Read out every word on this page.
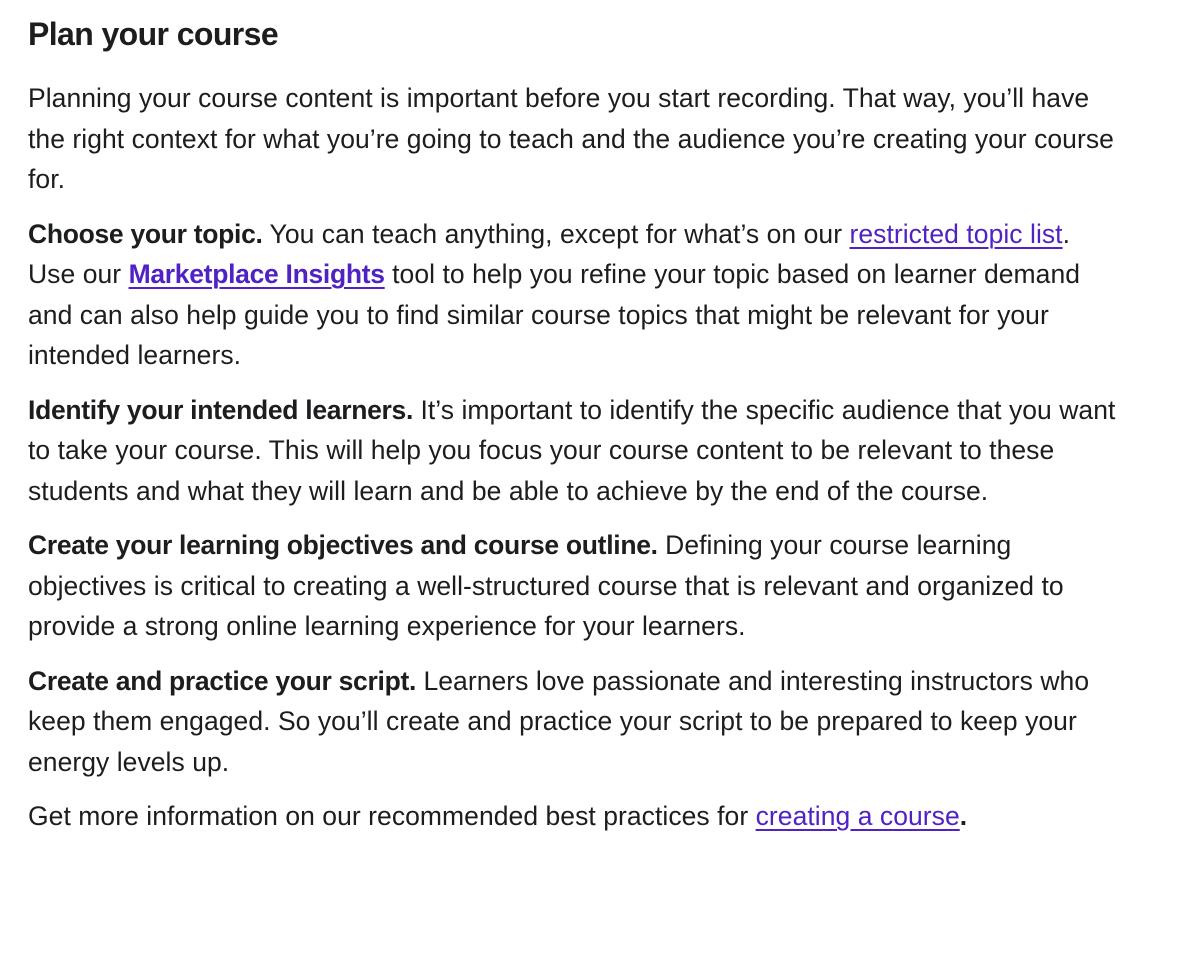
Plan your course

Planning your course content is important before you start recording. That way, you’ll have the right context for what you’re going to teach and the audience you’re creating your course for.

Choose your topic. You can teach anything, except for what’s on our restricted topic list. Use our Marketplace Insights tool to help you refine your topic based on learner demand and can also help guide you to find similar course topics that might be relevant for your intended learners.

Identify your intended learners. It’s important to identify the specific audience that you want to take your course. This will help you focus your course content to be relevant to these students and what they will learn and be able to achieve by the end of the course.

Create your learning objectives and course outline. Defining your course learning objectives is critical to creating a well-structured course that is relevant and organized to provide a strong online learning experience for your learners.

Create and practice your script. Learners love passionate and interesting instructors who keep them engaged. So you’ll create and practice your script to be prepared to keep your energy levels up.

Get more information on our recommended best practices for creating a course.
